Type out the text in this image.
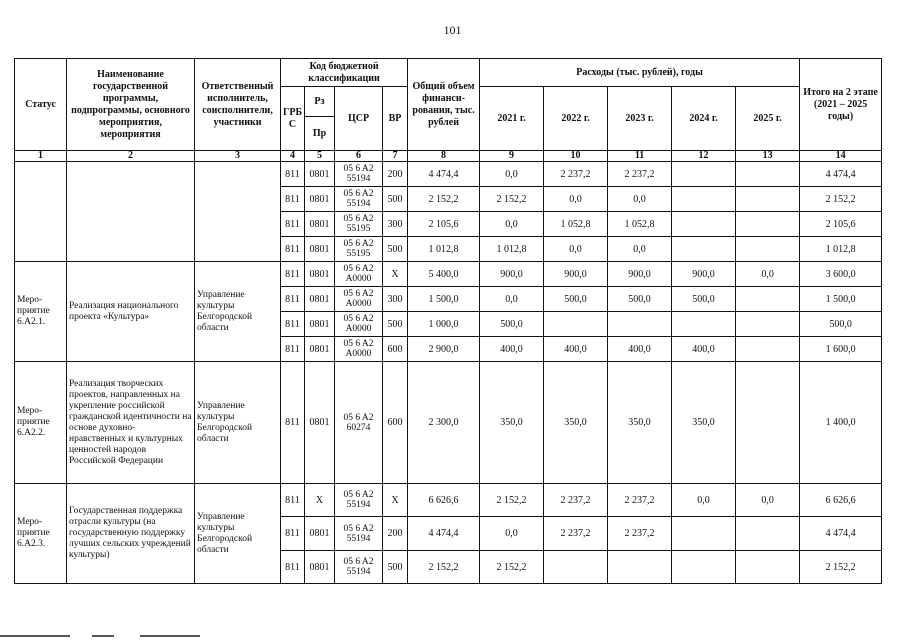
101
Статус	Наименование государственной программы, подпрограммы, основного мероприятия, мероприятия	Ответственный исполнитель, соисполнители, участники	Код бюджетной классификации				Общий объем финанси- рования, тыс. рублей	Расходы (тыс. рублей), годы					Итого на 2 этапе (2021 – 2025 годы)
			ГРБ С	Рз	ЦСР	ВР		2021 г.	2022 г.	2023 г.	2024 г.	2025 г.	
				Пр									
1	2	3	4	5	6	7	8	9	10	11	12	13	14
			811	0801	05 6 A2 55194	200	4 474,4	0,0	2 237,2	2 237,2			4 474,4
			811	0801	05 6 A2 55194	500	2 152,2	2 152,2	0,0	0,0			2 152,2
			811	0801	05 6 A2 55195	300	2 105,6	0,0	1 052,8	1 052,8			2 105,6
			811	0801	05 6 A2 55195	500	1 012,8	1 012,8	0,0	0,0			1 012,8
Меро- приятие 6.А2.1.	Реализация национального проекта «Культура»	Управление культуры Белгородской области	811	0801	05 6 A2 A0000	X	5 400,0	900,0	900,0	900,0	900,0	0,0	3 600,0
			811	0801	05 6 A2 A0000	300	1 500,0	0,0	500,0	500,0	500,0		1 500,0
			811	0801	05 6 A2 A0000	500	1 000,0	500,0					500,0
			811	0801	05 6 A2 A0000	600	2 900,0	400,0	400,0	400,0	400,0		1 600,0
Меро- приятие 6.А2.2.	Реализация творческих проектов, направленных на укрепление российской гражданской идентичности на основе духовно-нравственных и культурных ценностей народов Российской Федерации	Управление культуры Белгородской области	811	0801	05 6 A2 60274	600	2 300,0	350,0	350,0	350,0	350,0		1 400,0
Меро- приятие 6.А2.3.	Государственная поддержка отрасли культуры (на государственную поддержку лучших сельских учреждений культуры)	Управление культуры Белгородской области	811	X	05 6 A2 55194	X	6 626,6	2 152,2	2 237,2	2 237,2	0,0	0,0	6 626,6
			811	0801	05 6 A2 55194	200	4 474,4	0,0	2 237,2	2 237,2			4 474,4
			811	0801	05 6 A2 55194	500	2 152,2	2 152,2					2 152,2
